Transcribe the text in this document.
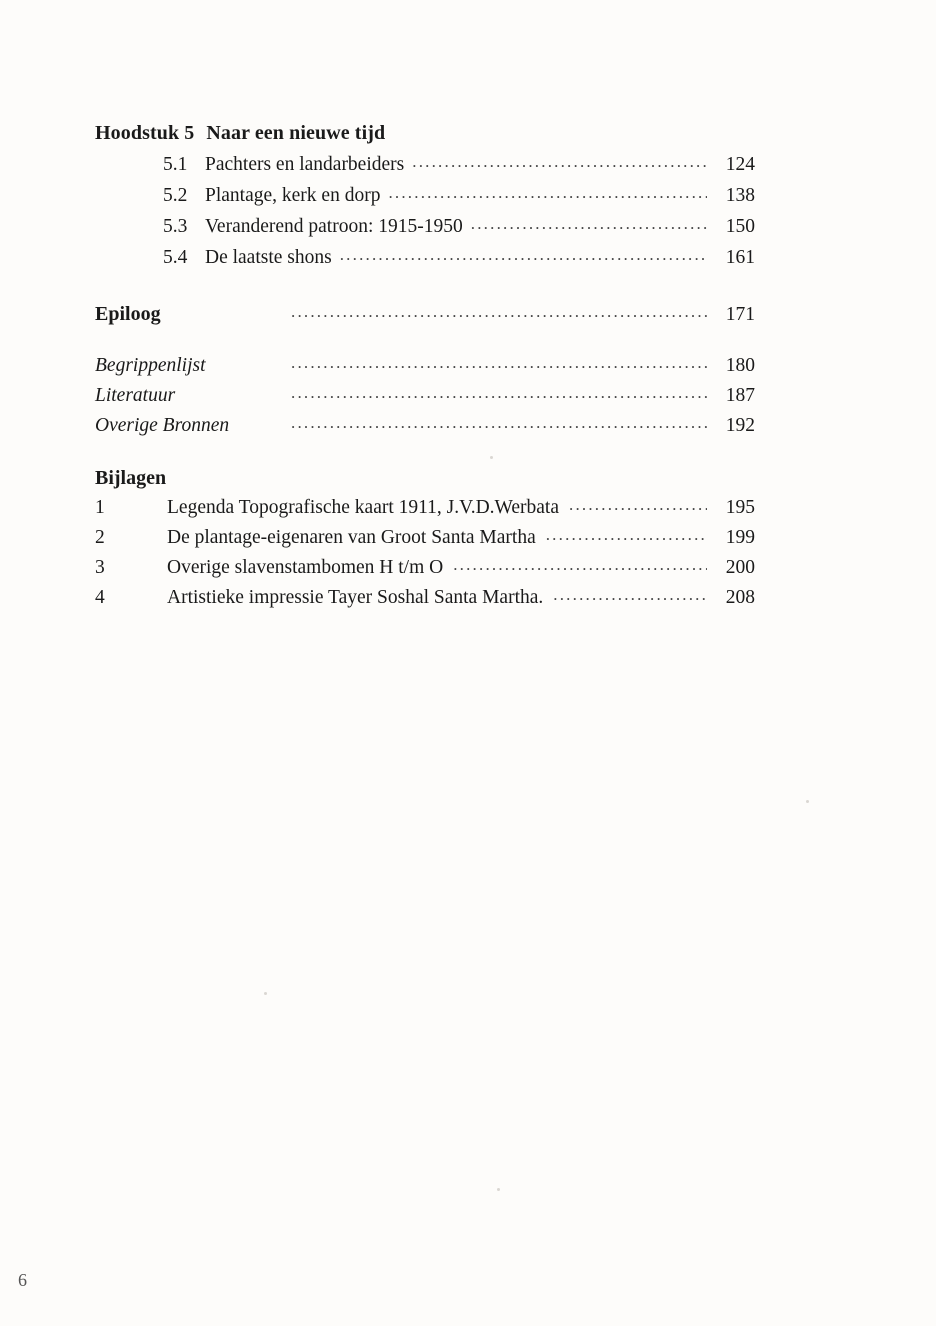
Hoodstuk 5 Naar een nieuwe tijd
5.1 Pachters en landarbeiders .....	124
5.2 Plantage, kerk en dorp .....	138
5.3 Veranderend patroon: 1915-1950 .....	150
5.4 De laatste shons .....	161
Epiloog .....	171
Begrippenlijst .....	180
Literatuur .....	187
Overige Bronnen .....	192
Bijlagen
1	Legenda Topografische kaart 1911, J.V.D.Werbata .....	195
2	De plantage-eigenaren van Groot Santa Martha .....	199
3	Overige slavenstambomen H t/m O .....	200
4	Artistieke impressie Tayer Soshal Santa Martha. .....	208
6
